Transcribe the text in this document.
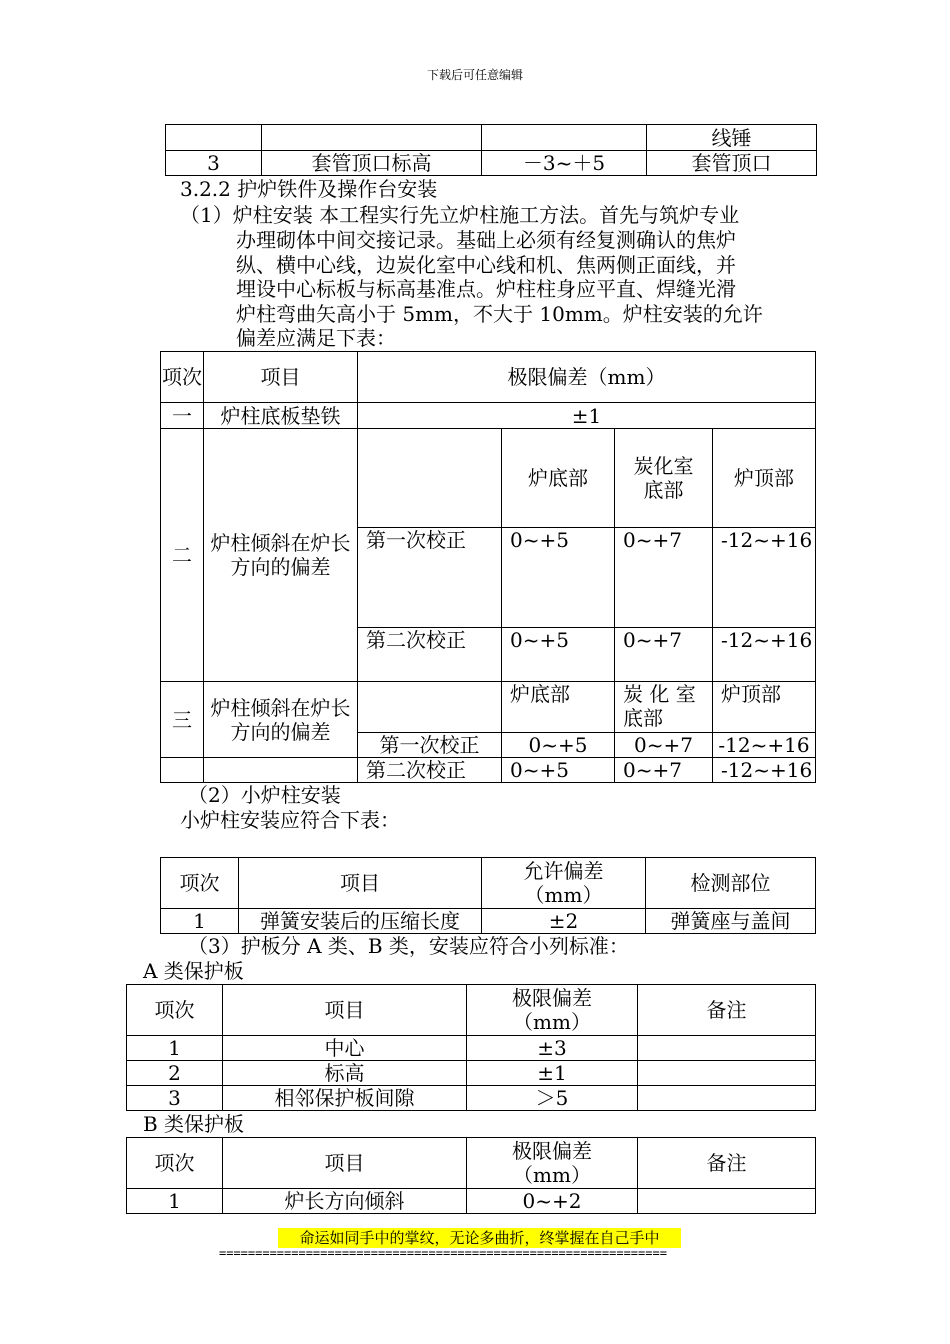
下载后可任意编辑
			线锤
3	套管顶口标高	－3~＋5	套管顶口
3.2.2 护炉铁件及操作台安装
（1）炉柱安装 本工程实行先立炉柱施工方法。首先与筑炉专业
办理砌体中间交接记录。基础上必须有经复测确认的焦炉
纵、横中心线，边炭化室中心线和机、焦两侧正面线，并
埋设中心标板与标高基准点。炉柱柱身应平直、焊缝光滑
炉柱弯曲矢高小于 5mm，不大于 10mm。炉柱安装的允许
偏差应满足下表：
项次	项目	极限偏差（mm）			
一	炉柱底板垫铁	±1			
二	炉柱倾斜在炉长方向的偏差		炉底部	炭化室底部	炉顶部
		第一次校正	0~+5	0~+7	-12~+16
		第二次校正	0~+5	0~+7	-12~+16
三	炉柱倾斜在炉长方向的偏差		炉底部	炭 化 室底部	炉顶部
		第一次校正	0~+5	0~+7	-12~+16
		第二次校正	0~+5	0~+7	-12~+16
（2）小炉柱安装
小炉柱安装应符合下表：
项次	项目	允许偏差（mm）	检测部位
1	弹簧安装后的压缩长度	±2	弹簧座与盖间
（3）护板分 A 类、B 类，安装应符合小列标准：
A 类保护板
项次	项目	极限偏差（mm）	备注
1	中心	±3	
2	标高	±1	
3	相邻保护板间隙	＞5	
B 类保护板
项次	项目	极限偏差（mm）	备注
1	炉长方向倾斜	0~+2	
命运如同手中的掌纹，无论多曲折，终掌握在自己手中
==============================================================
